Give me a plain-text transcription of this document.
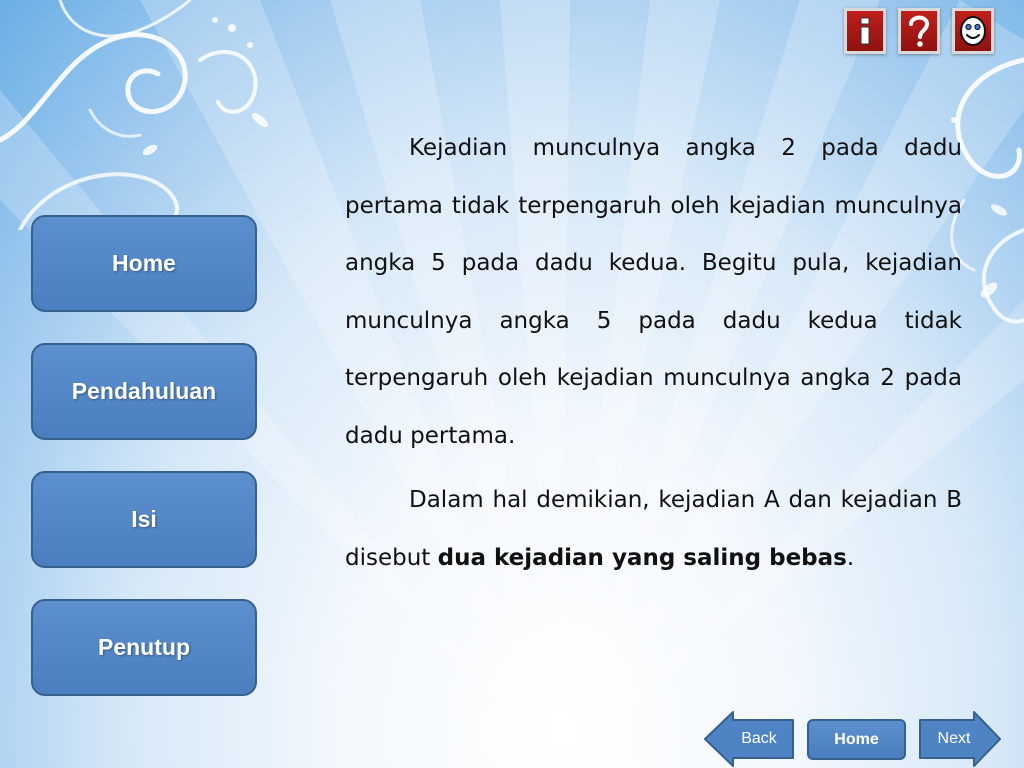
Home
Pendahuluan
Isi
Penutup

Kejadian munculnya angka 2 pada dadu pertama tidak terpengaruh oleh kejadian munculnya angka 5 pada dadu kedua. Begitu pula, kejadian munculnya angka 5 pada dadu kedua tidak terpengaruh oleh kejadian munculnya angka 2 pada dadu pertama.

Dalam hal demikian, kejadian A dan kejadian B disebut dua kejadian yang saling bebas.

Back	Home	Next
